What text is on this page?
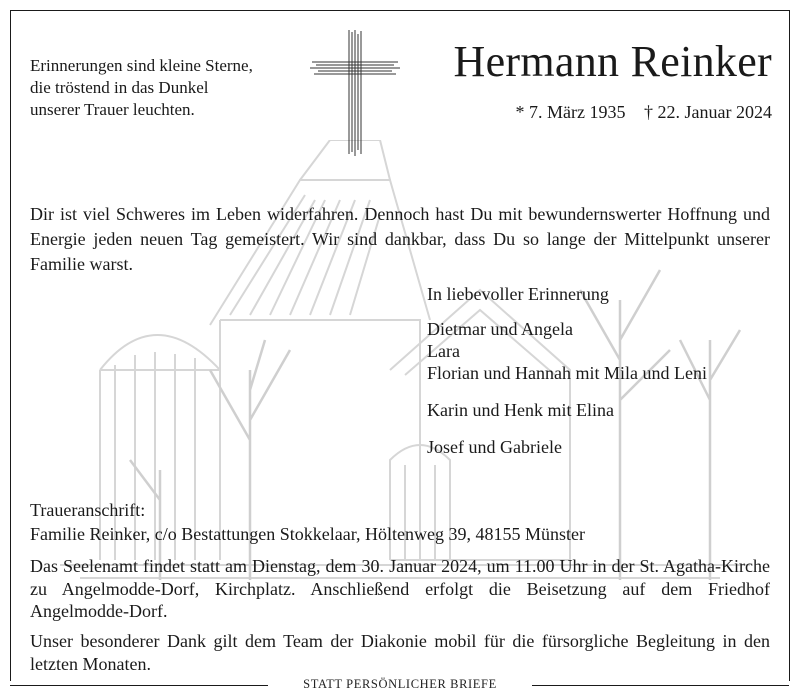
Erinnerungen sind kleine Sterne,
die tröstend in das Dunkel
unserer Trauer leuchten.
Hermann Reinker
* 7. März 1935 † 22. Januar 2024
Dir ist viel Schweres im Leben widerfahren. Dennoch hast Du mit bewundernswerter Hoffnung und Energie jeden neuen Tag gemeistert. Wir sind dankbar, dass Du so lange der Mittelpunkt unserer Familie warst.
In liebevoller Erinnerung
Dietmar und Angela
Lara
Florian und Hannah mit Mila und Leni
Karin und Henk mit Elina
Josef und Gabriele
Traueranschrift:
Familie Reinker, c/o Bestattungen Stokkelaar, Höltenweg 39, 48155 Münster
Das Seelenamt findet statt am Dienstag, dem 30. Januar 2024, um 11.00 Uhr in der St. Agatha-Kirche zu Angelmodde-Dorf, Kirchplatz. Anschließend erfolgt die Beisetzung auf dem Friedhof Angelmodde-Dorf.
Unser besonderer Dank gilt dem Team der Diakonie mobil für die fürsorgliche Begleitung in den letzten Monaten.
STATT PERSÖNLICHER BRIEFE
